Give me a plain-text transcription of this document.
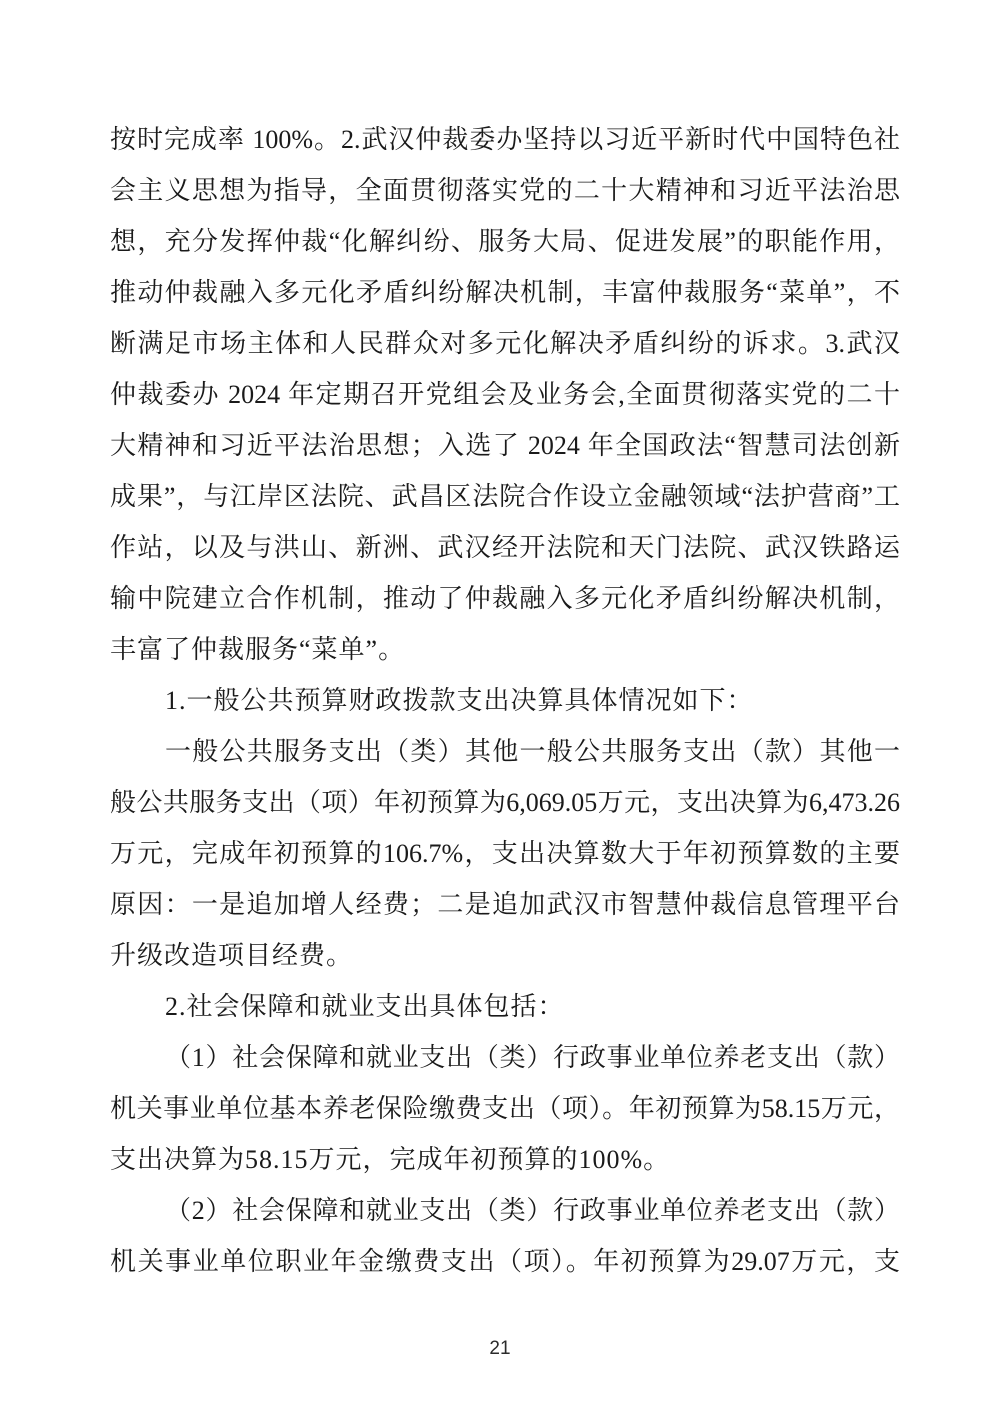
按时完成率 100%。2.武汉仲裁委办坚持以习近平新时代中国特色社
会主义思想为指导，全面贯彻落实党的二十大精神和习近平法治思
想，充分发挥仲裁“化解纠纷、服务大局、促进发展”的职能作用，
推动仲裁融入多元化矛盾纠纷解决机制，丰富仲裁服务“菜单”，不
断满足市场主体和人民群众对多元化解决矛盾纠纷的诉求。3.武汉
仲裁委办 2024 年定期召开党组会及业务会,全面贯彻落实党的二十
大精神和习近平法治思想；入选了 2024 年全国政法“智慧司法创新
成果”，与江岸区法院、武昌区法院合作设立金融领域“法护营商”工
作站，以及与洪山、新洲、武汉经开法院和天门法院、武汉铁路运
输中院建立合作机制，推动了仲裁融入多元化矛盾纠纷解决机制，
丰富了仲裁服务“菜单”。
1.一般公共预算财政拨款支出决算具体情况如下：
一般公共服务支出（类）其他一般公共服务支出（款）其他一
般公共服务支出（项）年初预算为6,069.05万元，支出决算为6,473.26
万元，完成年初预算的106.7%，支出决算数大于年初预算数的主要
原因：一是追加增人经费；二是追加武汉市智慧仲裁信息管理平台
升级改造项目经费。
2.社会保障和就业支出具体包括：
（1）社会保障和就业支出（类）行政事业单位养老支出（款）
机关事业单位基本养老保险缴费支出（项）。年初预算为58.15万元，
支出决算为58.15万元，完成年初预算的100%。
（2）社会保障和就业支出（类）行政事业单位养老支出（款）
机关事业单位职业年金缴费支出（项）。年初预算为29.07万元，支
21
